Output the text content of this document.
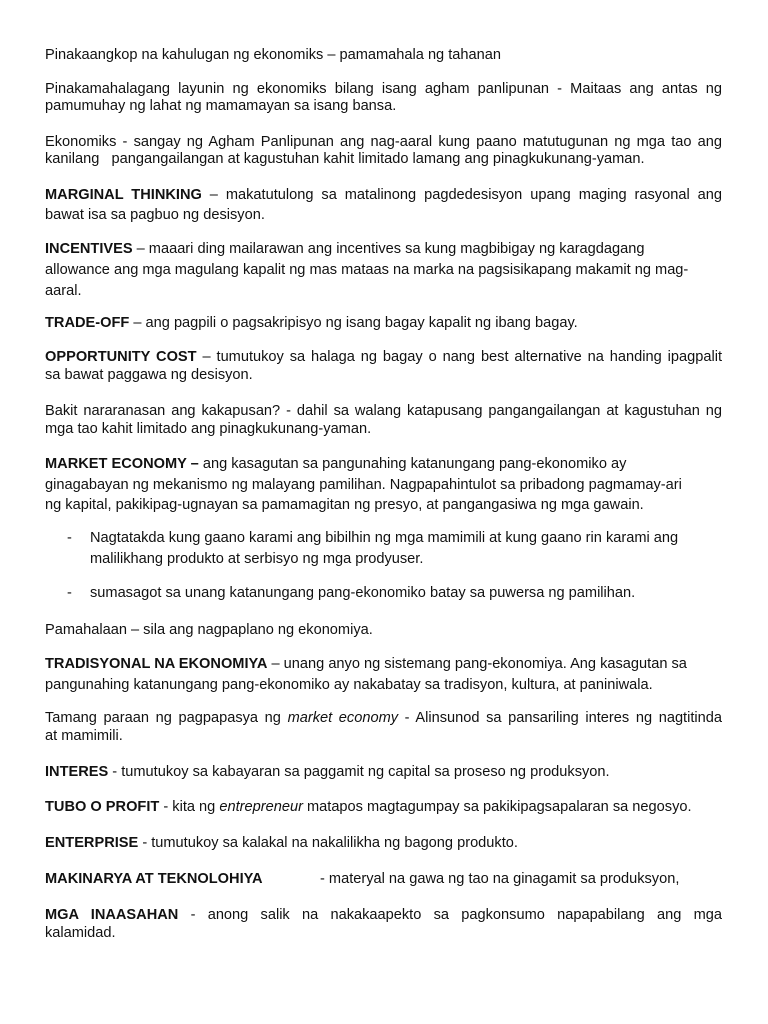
Pinakaangkop na kahulugan ng ekonomiks – pamamahala ng tahanan
Pinakamahalagang layunin ng ekonomiks bilang isang agham panlipunan - Maitaas ang antas ng
pamumuhay ng lahat ng mamamayan sa isang bansa.
Ekonomiks - sangay ng Agham Panlipunan ang nag-aaral kung paano matutugunan ng mga tao ang
kanilang   pangangailangan at kagustuhan kahit limitado lamang ang pinagkukunang-yaman.
MARGINAL THINKING – makatutulong sa matalinong pagdedesisyon upang maging rasyonal ang
bawat isa sa pagbuo ng desisyon.
INCENTIVES – maaari ding mailarawan ang incentives sa kung magbibigay ng karagdagang
allowance ang mga magulang kapalit ng mas mataas na marka na pagsisikapang makamit ng mag-
aaral.
TRADE-OFF – ang pagpili o pagsakripisyo ng isang bagay kapalit ng ibang bagay.
OPPORTUNITY COST – tumutukoy sa halaga ng bagay o nang best alternative na handing ipagpalit
sa bawat paggawa ng desisyon.
Bakit nararanasan ang kakapusan? - dahil sa walang katapusang pangangailangan at kagustuhan ng
mga tao kahit limitado ang pinagkukunang-yaman.
MARKET ECONOMY – ang kasagutan sa pangunahing katanungang pang-ekonomiko ay
ginagabayan ng mekanismo ng malayang pamilihan. Nagpapahintulot sa pribadong pagmamay-ari
ng kapital, pakikipag-ugnayan sa pamamagitan ng presyo, at pangangasiwa ng mga gawain.
- Nagtatakda kung gaano karami ang bibilhin ng mga mamimili at kung gaano rin karami ang
malilikhang produkto at serbisyo ng mga prodyuser.
- sumasagot sa unang katanungang pang-ekonomiko batay sa puwersa ng pamilihan.
Pamahalaan – sila ang nagpaplano ng ekonomiya.
TRADISYONAL NA EKONOMIYA – unang anyo ng sistemang pang-ekonomiya. Ang kasagutan sa
pangunahing katanungang pang-ekonomiko ay nakabatay sa tradisyon, kultura, at paniniwala.
Tamang paraan ng pagpapasya ng market economy - Alinsunod sa pansariling interes ng nagtitinda
at mamimili.
INTERES - tumutukoy sa kabayaran sa paggamit ng capital sa proseso ng produksyon.
TUBO O PROFIT - kita ng entrepreneur matapos magtagumpay sa pakikipagsapalaran sa negosyo.
ENTERPRISE - tumutukoy sa kalakal na nakalilikha ng bagong produkto.
MAKINARYA AT TEKNOLOHIYA	- materyal na gawa ng tao na ginagamit sa produksyon,
MGA INAASAHAN - anong salik na nakakaapekto sa pagkonsumo napapabilang ang mga
kalamidad.
